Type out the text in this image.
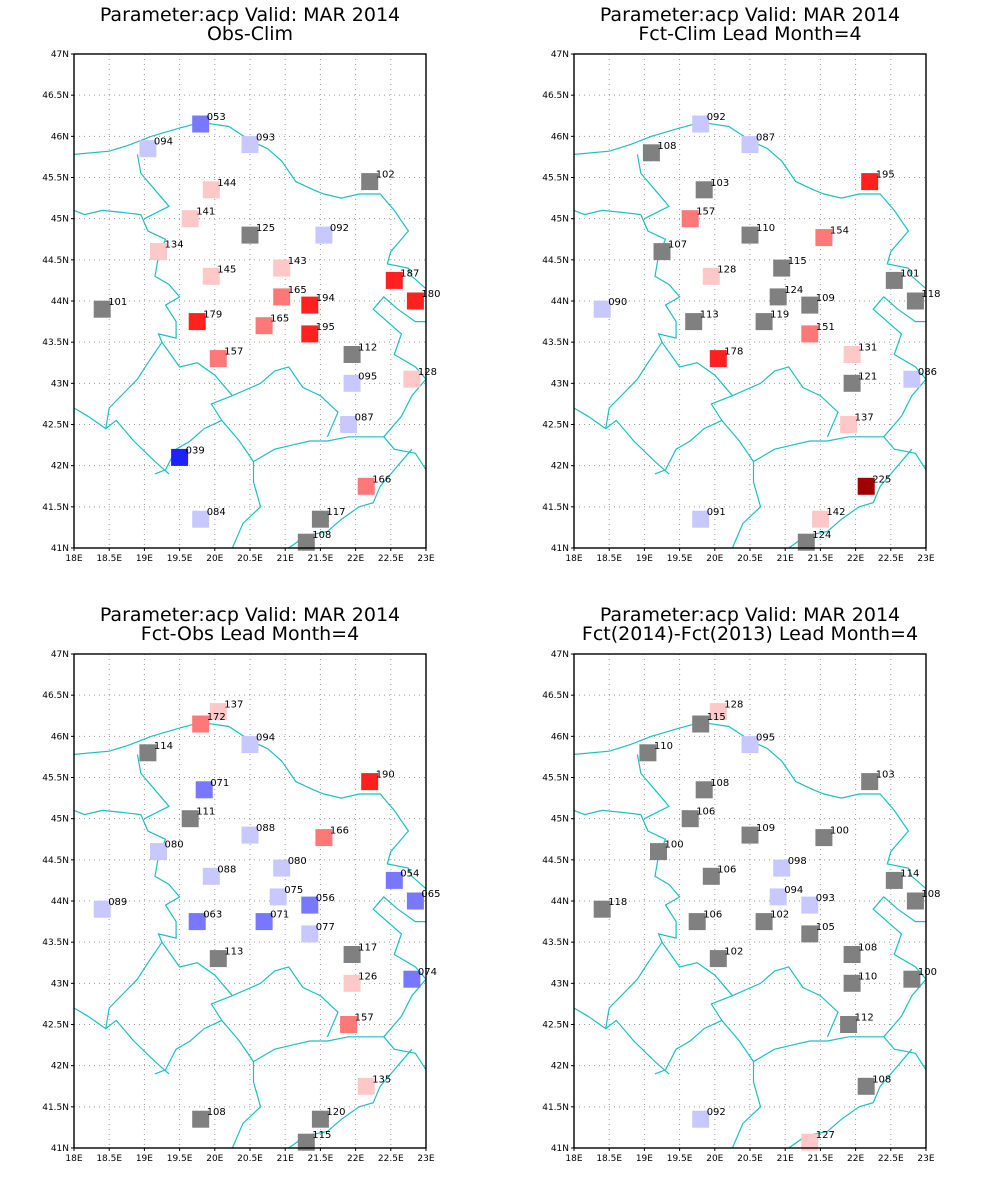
Parameter:acp Valid: MAR 2014
Obs-Clim
053
094	093
102
144
141
125	092
134
143
145	187
165
194	180
101
179	165
195
112
157
095	128
087
039
166
084	117
108
47N
46.5N
46N
45.5N
45N
44.5N
44N
43.5N
43N
42.5N
42N
41.5N
41N
18E 18.5E 19E 19.5E 20E 20.5E 21E 21.5E 22E 22.5E 23E
Parameter:acp Valid: MAR 2014
Fct-Clim Lead Month=4
092
108
087
103
195
157
110	154
107
115
128	101
124
109	118
090
113	119
151
131
178
121	086
137
225
091	142
124
47N
46.5N
46N
45.5N
45N
44.5N
44N
43.5N
43N
42.5N
42N
41.5N
41N
18E 18.5E 19E 19.5E 20E 20.5E 21E 21.5E 22E 22.5E 23E
Parameter:acp Valid: MAR 2014
Fct-Obs Lead Month=4
137
172
114
094
190
071
111
088	166
080
080
088	054
075
056	065
089
063	071
077
117
113
126	074
157
135
108	120
115
47N
46.5N
46N
45.5N
45N
44.5N
44N
43.5N
43N
42.5N
42N
41.5N
41N
18E 18.5E 19E 19.5E 20E 20.5E 21E 21.5E 22E 22.5E 23E
Parameter:acp Valid: MAR 2014
Fct(2014)-Fct(2013) Lead Month=4
128
115
110
095
103
108
106
109	100
100
098
106	114
094
093	108
118
106	102
105
108
102
110	100
112
108
092
127
47N
46.5N
46N
45.5N
45N
44.5N
44N
43.5N
43N
42.5N
42N
41.5N
41N
18E 18.5E 19E 19.5E 20E 20.5E 21E 21.5E 22E 22.5E 23E
